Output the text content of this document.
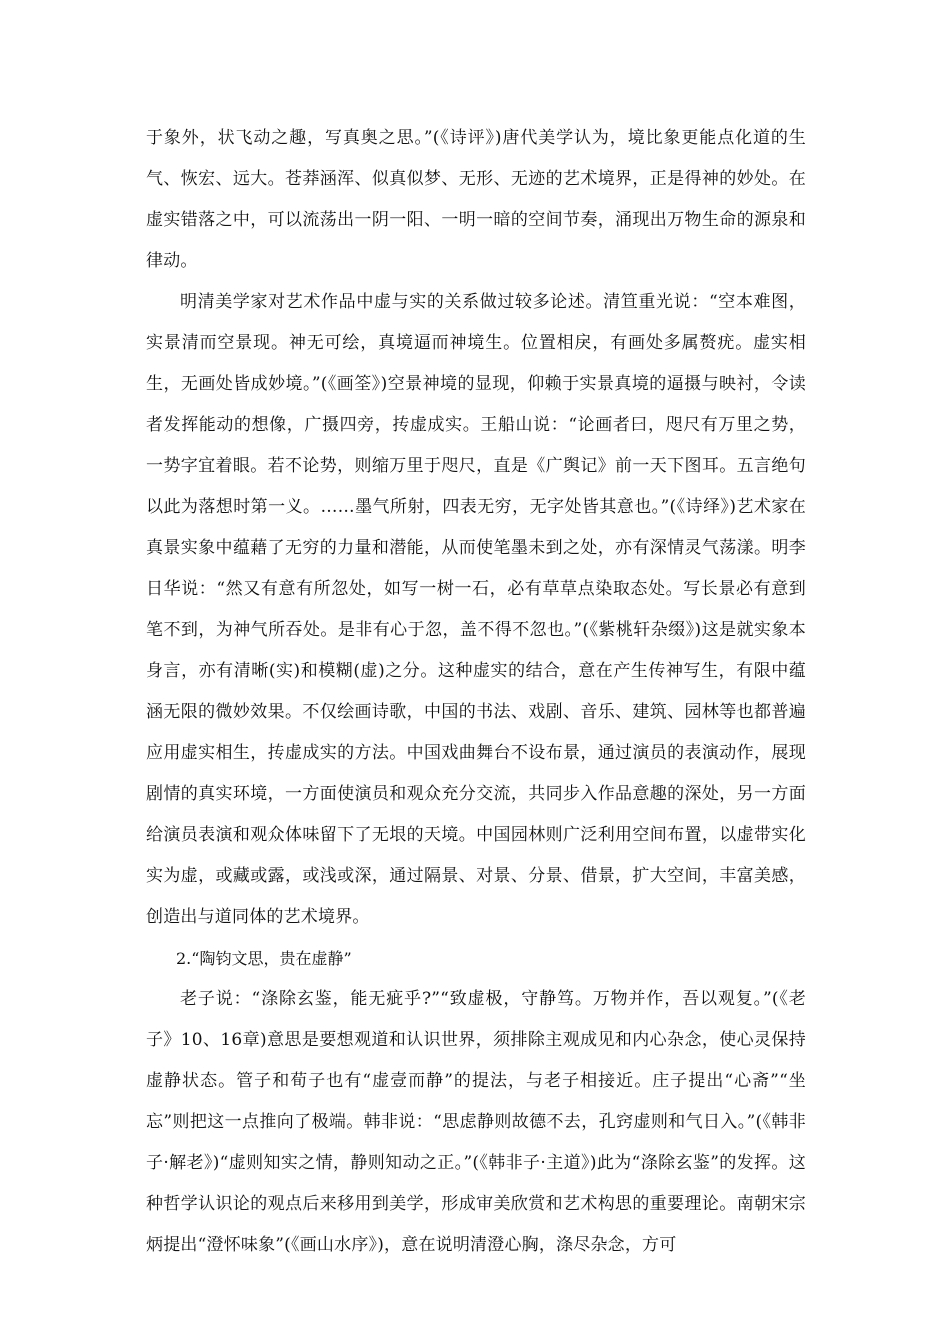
于象外，状飞动之趣，写真奥之思。”(《诗评》)唐代美学认为，境比象更能点化道的生气、恢宏、远大。苍莽涵浑、似真似梦、无形、无迹的艺术境界，正是得神的妙处。在虚实错落之中，可以流荡出一阴一阳、一明一暗的空间节奏，涌现出万物生命的源泉和律动。

明清美学家对艺术作品中虚与实的关系做过较多论述。清笪重光说：“空本难图，实景清而空景现。神无可绘，真境逼而神境生。位置相戾，有画处多属赘疣。虚实相生，无画处皆成妙境。”(《画筌》)空景神境的显现，仰赖于实景真境的逼摄与映衬，令读者发挥能动的想像，广摄四旁，抟虚成实。王船山说：“论画者曰，咫尺有万里之势，一势字宜着眼。若不论势，则缩万里于咫尺，直是《广舆记》前一天下图耳。五言绝句以此为落想时第一义。……墨气所射，四表无穷，无字处皆其意也。”(《诗绎》)艺术家在真景实象中蕴藉了无穷的力量和潜能，从而使笔墨未到之处，亦有深情灵气荡漾。明李日华说：“然又有意有所忽处，如写一树一石，必有草草点染取态处。写长景必有意到笔不到，为神气所吞处。是非有心于忽，盖不得不忽也。”(《紫桃轩杂缀》)这是就实象本身言，亦有清晰(实)和模糊(虚)之分。这种虚实的结合，意在产生传神写生，有限中蕴涵无限的微妙效果。不仅绘画诗歌，中国的书法、戏剧、音乐、建筑、园林等也都普遍应用虚实相生，抟虚成实的方法。中国戏曲舞台不设布景，通过演员的表演动作，展现剧情的真实环境，一方面使演员和观众充分交流，共同步入作品意趣的深处，另一方面给演员表演和观众体味留下了无垠的天境。中国园林则广泛利用空间布置，以虚带实化实为虚，或藏或露，或浅或深，通过隔景、对景、分景、借景，扩大空间，丰富美感，创造出与道同体的艺术境界。

2.“陶钧文思，贵在虚静”

老子说：“涤除玄鉴，能无疵乎?”“致虚极，守静笃。万物并作，吾以观复。”(《老子》10、16章)意思是要想观道和认识世界，须排除主观成见和内心杂念，使心灵保持虚静状态。管子和荀子也有“虚壹而静”的提法，与老子相接近。庄子提出“心斋”“坐忘”则把这一点推向了极端。韩非说：“思虑静则故德不去，孔窍虚则和气日入。”(《韩非子·解老》)“虚则知实之情，静则知动之正。”(《韩非子·主道》)此为“涤除玄鉴”的发挥。这种哲学认识论的观点后来移用到美学，形成审美欣赏和艺术构思的重要理论。南朝宋宗炳提出“澄怀味象”(《画山水序》)，意在说明清澄心胸，涤尽杂念，方可
